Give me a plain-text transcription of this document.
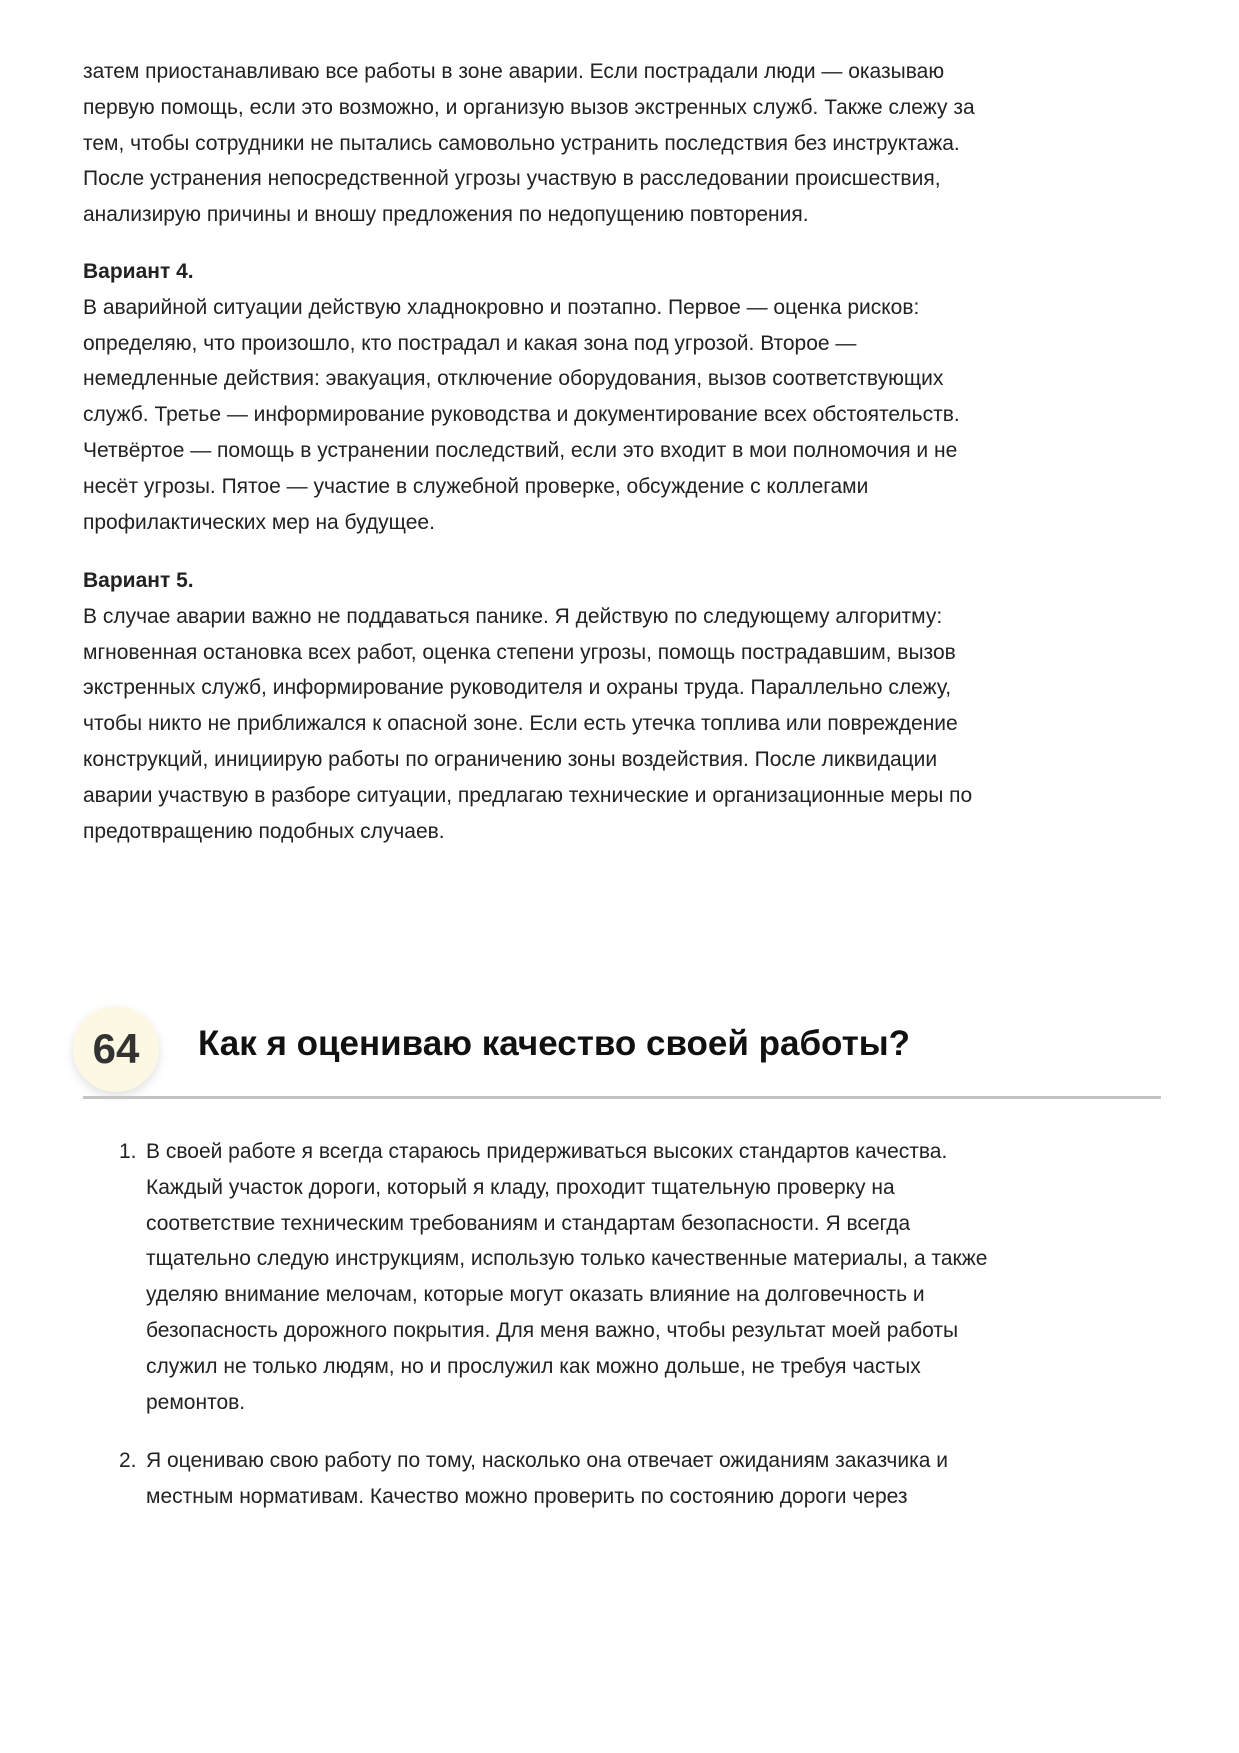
затем приостанавливаю все работы в зоне аварии. Если пострадали люди — оказываю
первую помощь, если это возможно, и организую вызов экстренных служб. Также слежу за
тем, чтобы сотрудники не пытались самовольно устранить последствия без инструктажа.
После устранения непосредственной угрозы участвую в расследовании происшествия,
анализирую причины и вношу предложения по недопущению повторения.
Вариант 4.
В аварийной ситуации действую хладнокровно и поэтапно. Первое — оценка рисков:
определяю, что произошло, кто пострадал и какая зона под угрозой. Второе —
немедленные действия: эвакуация, отключение оборудования, вызов соответствующих
служб. Третье — информирование руководства и документирование всех обстоятельств.
Четвёртое — помощь в устранении последствий, если это входит в мои полномочия и не
несёт угрозы. Пятое — участие в служебной проверке, обсуждение с коллегами
профилактических мер на будущее.
Вариант 5.
В случае аварии важно не поддаваться панике. Я действую по следующему алгоритму:
мгновенная остановка всех работ, оценка степени угрозы, помощь пострадавшим, вызов
экстренных служб, информирование руководителя и охраны труда. Параллельно слежу,
чтобы никто не приближался к опасной зоне. Если есть утечка топлива или повреждение
конструкций, инициирую работы по ограничению зоны воздействия. После ликвидации
аварии участвую в разборе ситуации, предлагаю технические и организационные меры по
предотвращению подобных случаев.
64	Как я оцениваю качество своей работы?
1. В своей работе я всегда стараюсь придерживаться высоких стандартов качества.
Каждый участок дороги, который я кладу, проходит тщательную проверку на
соответствие техническим требованиям и стандартам безопасности. Я всегда
тщательно следую инструкциям, использую только качественные материалы, а также
уделяю внимание мелочам, которые могут оказать влияние на долговечность и
безопасность дорожного покрытия. Для меня важно, чтобы результат моей работы
служил не только людям, но и прослужил как можно дольше, не требуя частых
ремонтов.
2. Я оцениваю свою работу по тому, насколько она отвечает ожиданиям заказчика и
местным нормативам. Качество можно проверить по состоянию дороги через
